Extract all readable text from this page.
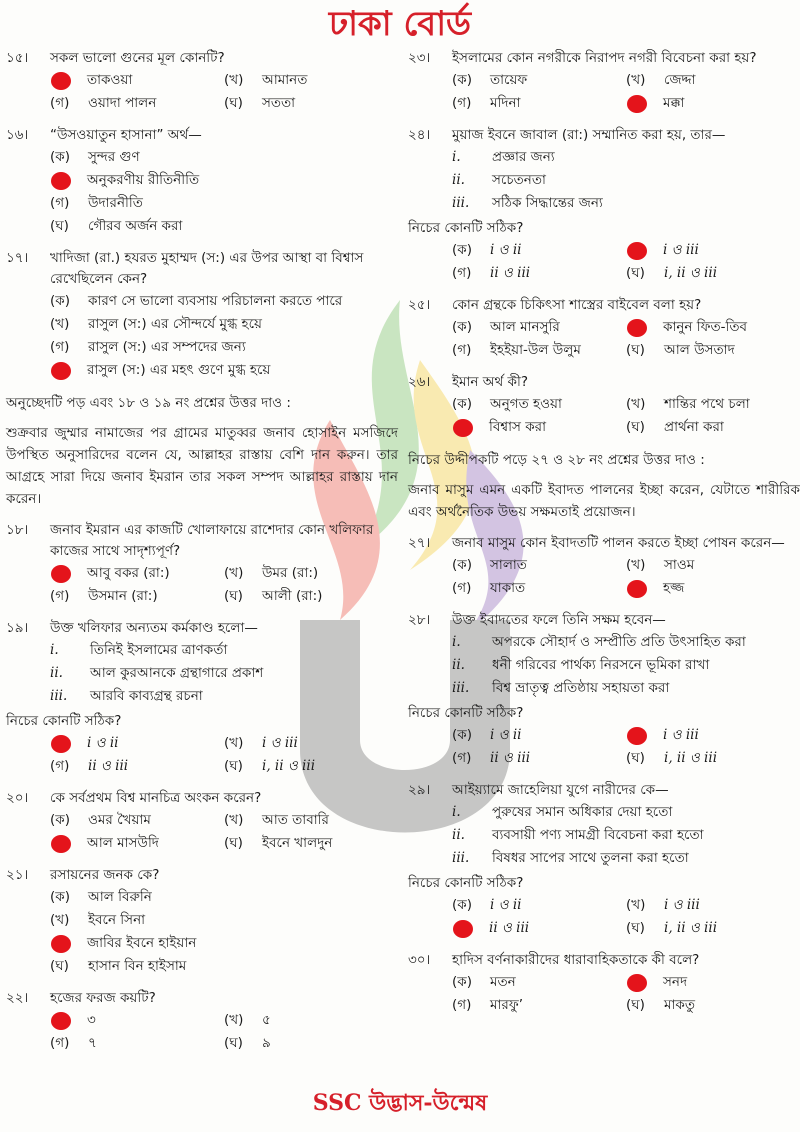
ঢাকা বোর্ড
১৫।	সকল ভালো গুনের মূল কোনটি?
তাকওয়া	(খ)	আমানত
(গ)	ওয়াদা পালন	(ঘ)	সততা
১৬।	“উসওয়াতুন হাসানা” অর্থ—
(ক)	সুন্দর গুণ
অনুকরণীয় রীতিনীতি
(গ)	উদারনীতি
(ঘ)	গৌরব অর্জন করা
১৭।	খাদিজা (রা.) হযরত মুহাম্মদ (স:) এর উপর আস্থা বা বিশ্বাস রেখেছিলেন কেন?
(ক)	কারণ সে ভালো ব্যবসায় পরিচালনা করতে পারে
(খ)	রাসুল (স:) এর সৌন্দর্যে মুগ্ধ হয়ে
(গ)	রাসুল (স:) এর সম্পদের জন্য
রাসুল (স:) এর মহৎ গুণে মুগ্ধ হয়ে
অনুচ্ছেদটি পড় এবং ১৮ ও ১৯ নং প্রশ্নের উত্তর দাও :
শুক্রবার জুম্মার নামাজের পর গ্রামের মাতুব্বর জনাব হোসাইন মসজিদে উপস্থিত অনুসারিদের বলেন যে, আল্লাহর রাস্তায় বেশি দান করুন। তার আগ্রহে সারা দিয়ে জনাব ইমরান তার সকল সম্পদ আল্লাহর রাস্তায় দান করেন।
১৮।	জনাব ইমরান এর কাজটি খোলাফায়ে রাশেদার কোন খলিফার কাজের সাথে সাদৃশ্যপূর্ণ?
আবু বকর (রা:)	(খ)	উমর (রা:)
(গ)	উসমান (রা:)	(ঘ)	আলী (রা:)
১৯।	উক্ত খলিফার অন্যতম কর্মকাণ্ড হলো—
i.	তিনিই ইসলামের ত্রাণকর্তা
ii.	আল কুরআনকে গ্রন্থাগারে প্রকাশ
iii.	আরবি কাব্যগ্রন্থ রচনা
নিচের কোনটি সঠিক?
i ও ii	(খ)	i ও iii
(গ)	ii ও iii	(ঘ)	i, ii ও iii
২০।	কে সর্বপ্রথম বিশ্ব মানচিত্র অংকন করেন?
(ক)	ওমর খৈয়াম	(খ)	আত তাবারি
আল মাসউদি	(ঘ)	ইবনে খালদুন
২১।	রসায়নের জনক কে?
(ক)	আল বিরুনি
(খ)	ইবনে সিনা
জাবির ইবনে হাইয়ান
(ঘ)	হাসান বিন হাইসাম
২২।	হজের ফরজ কয়টি?
৩	(খ)	৫
(গ)	৭	(ঘ)	৯
২৩।	ইসলামের কোন নগরীকে নিরাপদ নগরী বিবেচনা করা হয়?
(ক)	তায়েফ	(খ)	জেদ্দা
(গ)	মদিনা	মক্কা
২৪।	মুয়াজ ইবনে জাবাল (রা:) সম্মানিত করা হয়, তার—
i.	প্রজ্ঞার জন্য
ii.	সচেতনতা
iii.	সঠিক সিদ্ধান্তের জন্য
নিচের কোনটি সঠিক?
(ক)	i ও ii	i ও iii
(গ)	ii ও iii	(ঘ)	i, ii ও iii
২৫।	কোন গ্রন্থকে চিকিৎসা শাস্ত্রের বাইবেল বলা হয়?
(ক)	আল মানসুরি	কানুন ফিত-তিব
(গ)	ইহইয়া-উল উলুম	(ঘ)	আল উসতাদ
২৬।	ইমান অর্থ কী?
(ক)	অনুগত হওয়া	(খ)	শান্তির পথে চলা
বিশ্বাস করা	(ঘ)	প্রার্থনা করা
নিচের উদ্দীপকটি পড়ে ২৭ ও ২৮ নং প্রশ্নের উত্তর দাও :
জনাব মাসুম এমন একটি ইবাদত পালনের ইচ্ছা করেন, যেটাতে শারীরিক এবং অর্থনৈতিক উভয় সক্ষমতাই প্রয়োজন।
২৭।	জনাব মাসুম কোন ইবাদতটি পালন করতে ইচ্ছা পোষন করেন—
(ক)	সালাত	(খ)	সাওম
(গ)	যাকাত	হজ্জ
২৮।	উক্ত ইবাদতের ফলে তিনি সক্ষম হবেন—
i.	অপরকে সৌহার্দ ও সম্প্রীতি প্রতি উৎসাহিত করা
ii.	ধনী গরিবের পার্থক্য নিরসনে ভূমিকা রাখা
iii.	বিশ্ব ভ্রাতৃত্ব প্রতিষ্ঠায় সহায়তা করা
নিচের কোনটি সঠিক?
(ক)	i ও ii	i ও iii
(গ)	ii ও iii	(ঘ)	i, ii ও iii
২৯।	আইয়্যামে জাহেলিয়া যুগে নারীদের কে—
i.	পুরুষের সমান অধিকার দেয়া হতো
ii.	ব্যবসায়ী পণ্য সামগ্রী বিবেচনা করা হতো
iii.	বিষধর সাপের সাথে তুলনা করা হতো
নিচের কোনটি সঠিক?
(ক)	i ও ii	(খ)	i ও iii
ii ও iii	(ঘ)	i, ii ও iii
৩০।	হাদিস বর্ণনাকারীদের ধারাবাহিকতাকে কী বলে?
(ক)	মতন	সনদ
(গ)	মারফু’	(ঘ)	মাকতু
SSC উদ্ভাস-উন্মেষ
